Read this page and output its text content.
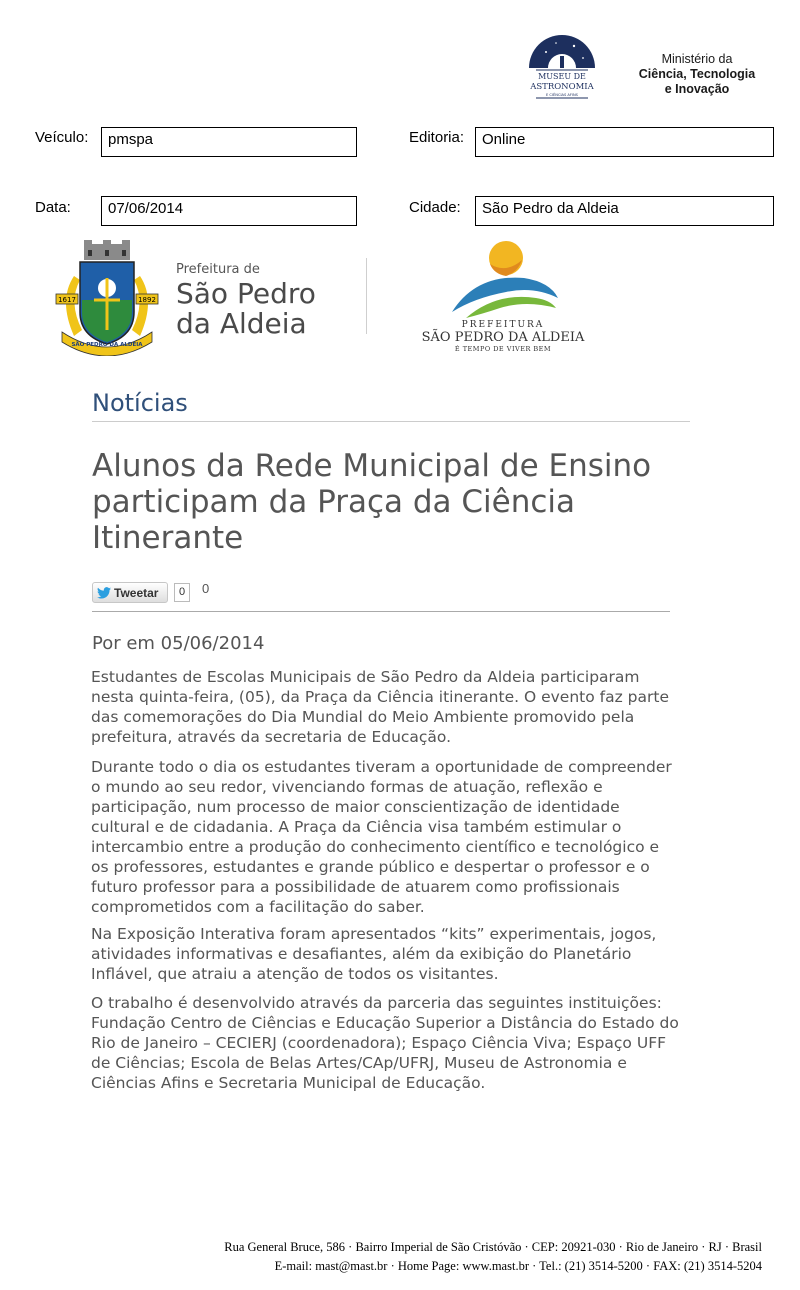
MUSEU DE
ASTRONOMIA
E CIÊNCIAS AFINS
Ministério da
Ciência, Tecnologia
e Inovação
Veículo:	pmspa	Editoria:	Online
Data:	07/06/2014	Cidade:	São Pedro da Aldeia
1617	1892
SÃO PEDRO DA ALDEIA
Prefeitura de
São Pedro
da Aldeia	PREFEITURA
SÃO PEDRO DA ALDEIA
É TEMPO DE VIVER BEM
Notícias
Alunos da Rede Municipal de Ensino participam da Praça da Ciência Itinerante
Tweetar	0	0
Por em 05/06/2014
Estudantes de Escolas Municipais de São Pedro da Aldeia participaram nesta quinta-feira, (05), da Praça da Ciência itinerante. O evento faz parte das comemorações do Dia Mundial do Meio Ambiente promovido pela prefeitura, através da secretaria de Educação.
Durante todo o dia os estudantes tiveram a oportunidade de compreender o mundo ao seu redor, vivenciando formas de atuação, reflexão e participação, num processo de maior conscientização de identidade cultural e de cidadania. A Praça da Ciência visa também estimular o intercambio entre a produção do conhecimento científico e tecnológico e os professores, estudantes e grande público e despertar o professor e o futuro professor para a possibilidade de atuarem como profissionais comprometidos com a facilitação do saber.
Na Exposição Interativa foram apresentados “kits” experimentais, jogos, atividades informativas e desafiantes, além da exibição do Planetário Inflável, que atraiu a atenção de todos os visitantes.
O trabalho é desenvolvido através da parceria das seguintes instituições: Fundação Centro de Ciências e Educação Superior a Distância do Estado do Rio de Janeiro – CECIERJ (coordenadora); Espaço Ciência Viva; Espaço UFF de Ciências; Escola de Belas Artes/CAp/UFRJ, Museu de Astronomia e Ciências Afins e Secretaria Municipal de Educação.
Rua General Bruce, 586 · Bairro Imperial de São Cristóvão · CEP: 20921-030 · Rio de Janeiro · RJ · Brasil
E-mail: mast@mast.br · Home Page: www.mast.br · Tel.: (21) 3514-5200 · FAX: (21) 3514-5204
